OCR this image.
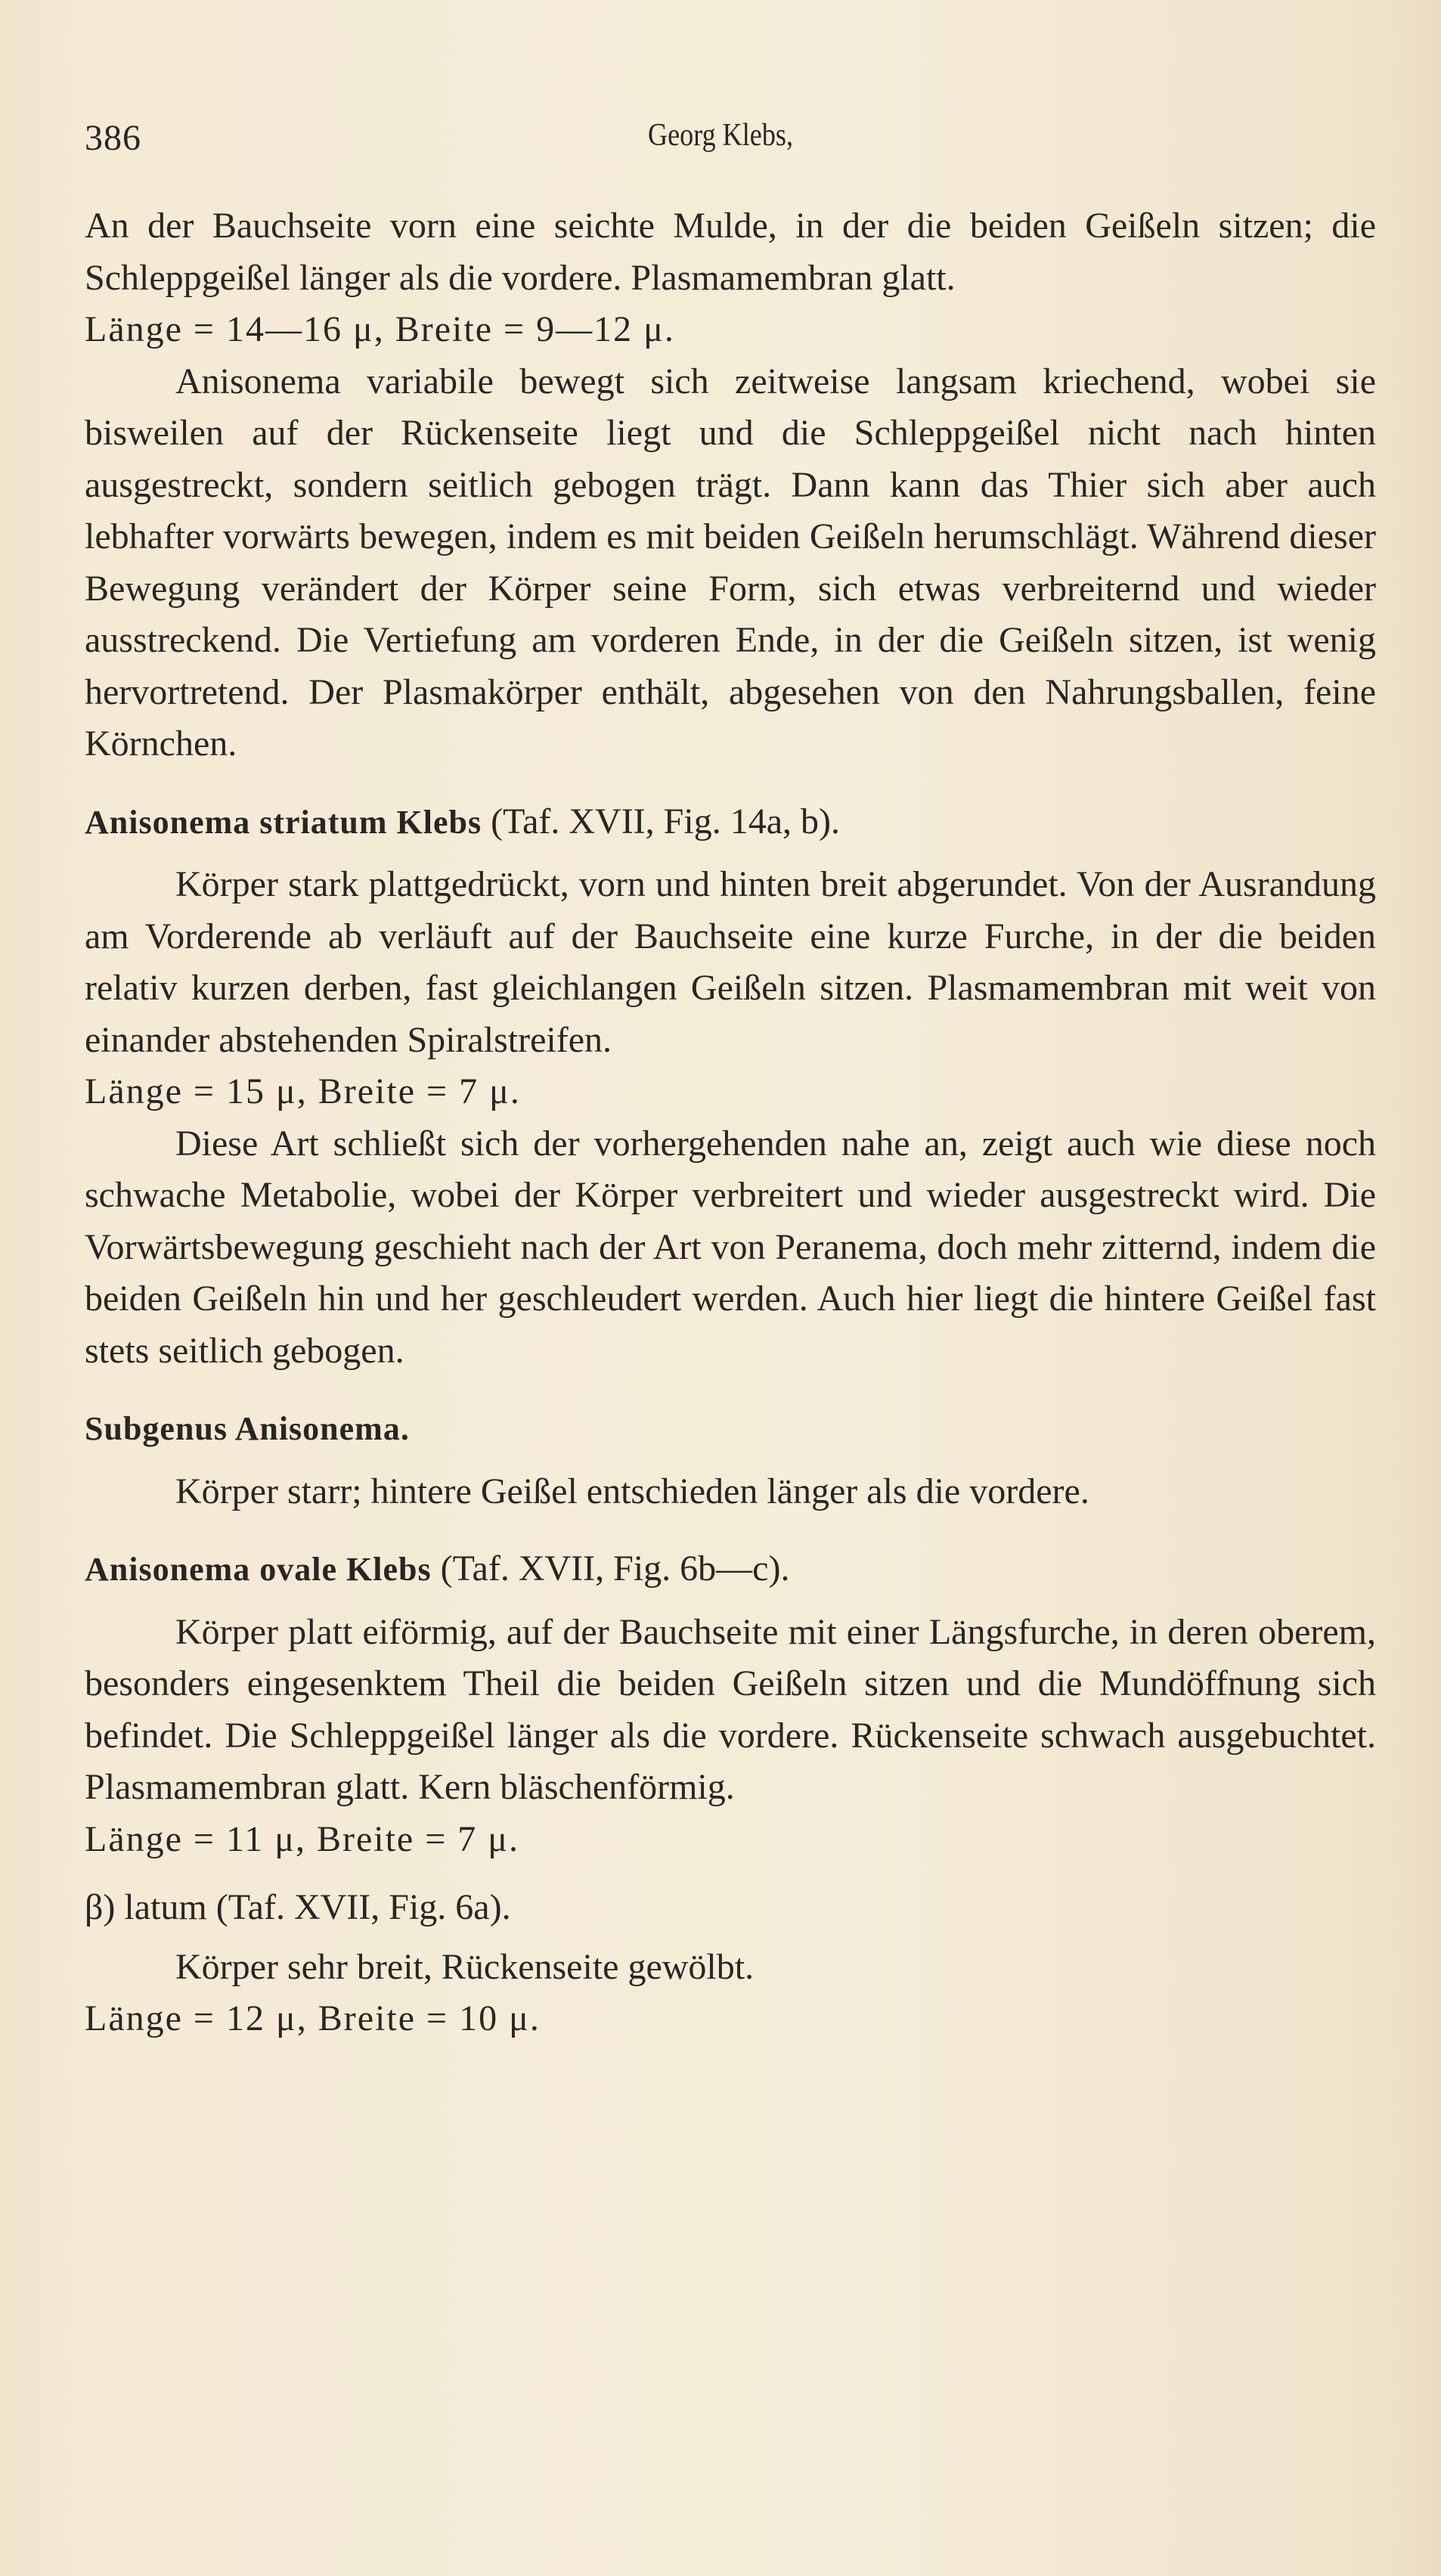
386	Georg Klebs,

An der Bauchseite vorn eine seichte Mulde, in der die beiden Geißeln sitzen; die Schleppgeißel länger als die vordere. Plasmamembran glatt.

Länge = 14—16 μ, Breite = 9—12 μ.

Anisonema variabile bewegt sich zeitweise langsam kriechend, wobei sie bisweilen auf der Rückenseite liegt und die Schleppgeißel nicht nach hinten ausgestreckt, sondern seitlich gebogen trägt. Dann kann das Thier sich aber auch lebhafter vorwärts bewegen, indem es mit beiden Geißeln herumschlägt. Während dieser Bewegung verändert der Körper seine Form, sich etwas verbreiternd und wieder ausstreckend. Die Vertiefung am vorderen Ende, in der die Geißeln sitzen, ist wenig hervortretend. Der Plasmakörper enthält, abgesehen von den Nahrungsballen, feine Körnchen.

Anisonema striatum Klebs (Taf. XVII, Fig. 14a, b).

Körper stark plattgedrückt, vorn und hinten breit abgerundet. Von der Ausrandung am Vorderende ab verläuft auf der Bauchseite eine kurze Furche, in der die beiden relativ kurzen derben, fast gleichlangen Geißeln sitzen. Plasmamembran mit weit von einander abstehenden Spiralstreifen.

Länge = 15 μ, Breite = 7 μ.

Diese Art schließt sich der vorhergehenden nahe an, zeigt auch wie diese noch schwache Metabolie, wobei der Körper verbreitert und wieder ausgestreckt wird. Die Vorwärtsbewegung geschieht nach der Art von Peranema, doch mehr zitternd, indem die beiden Geißeln hin und her geschleudert werden. Auch hier liegt die hintere Geißel fast stets seitlich gebogen.

Subgenus Anisonema.

Körper starr; hintere Geißel entschieden länger als die vordere.

Anisonema ovale Klebs (Taf. XVII, Fig. 6b—c).

Körper platt eiförmig, auf der Bauchseite mit einer Längsfurche, in deren oberem, besonders eingesenktem Theil die beiden Geißeln sitzen und die Mundöffnung sich befindet. Die Schleppgeißel länger als die vordere. Rückenseite schwach ausgebuchtet. Plasmamembran glatt. Kern bläschenförmig.

Länge = 11 μ, Breite = 7 μ.

β) latum (Taf. XVII, Fig. 6a).

Körper sehr breit, Rückenseite gewölbt.

Länge = 12 μ, Breite = 10 μ.
